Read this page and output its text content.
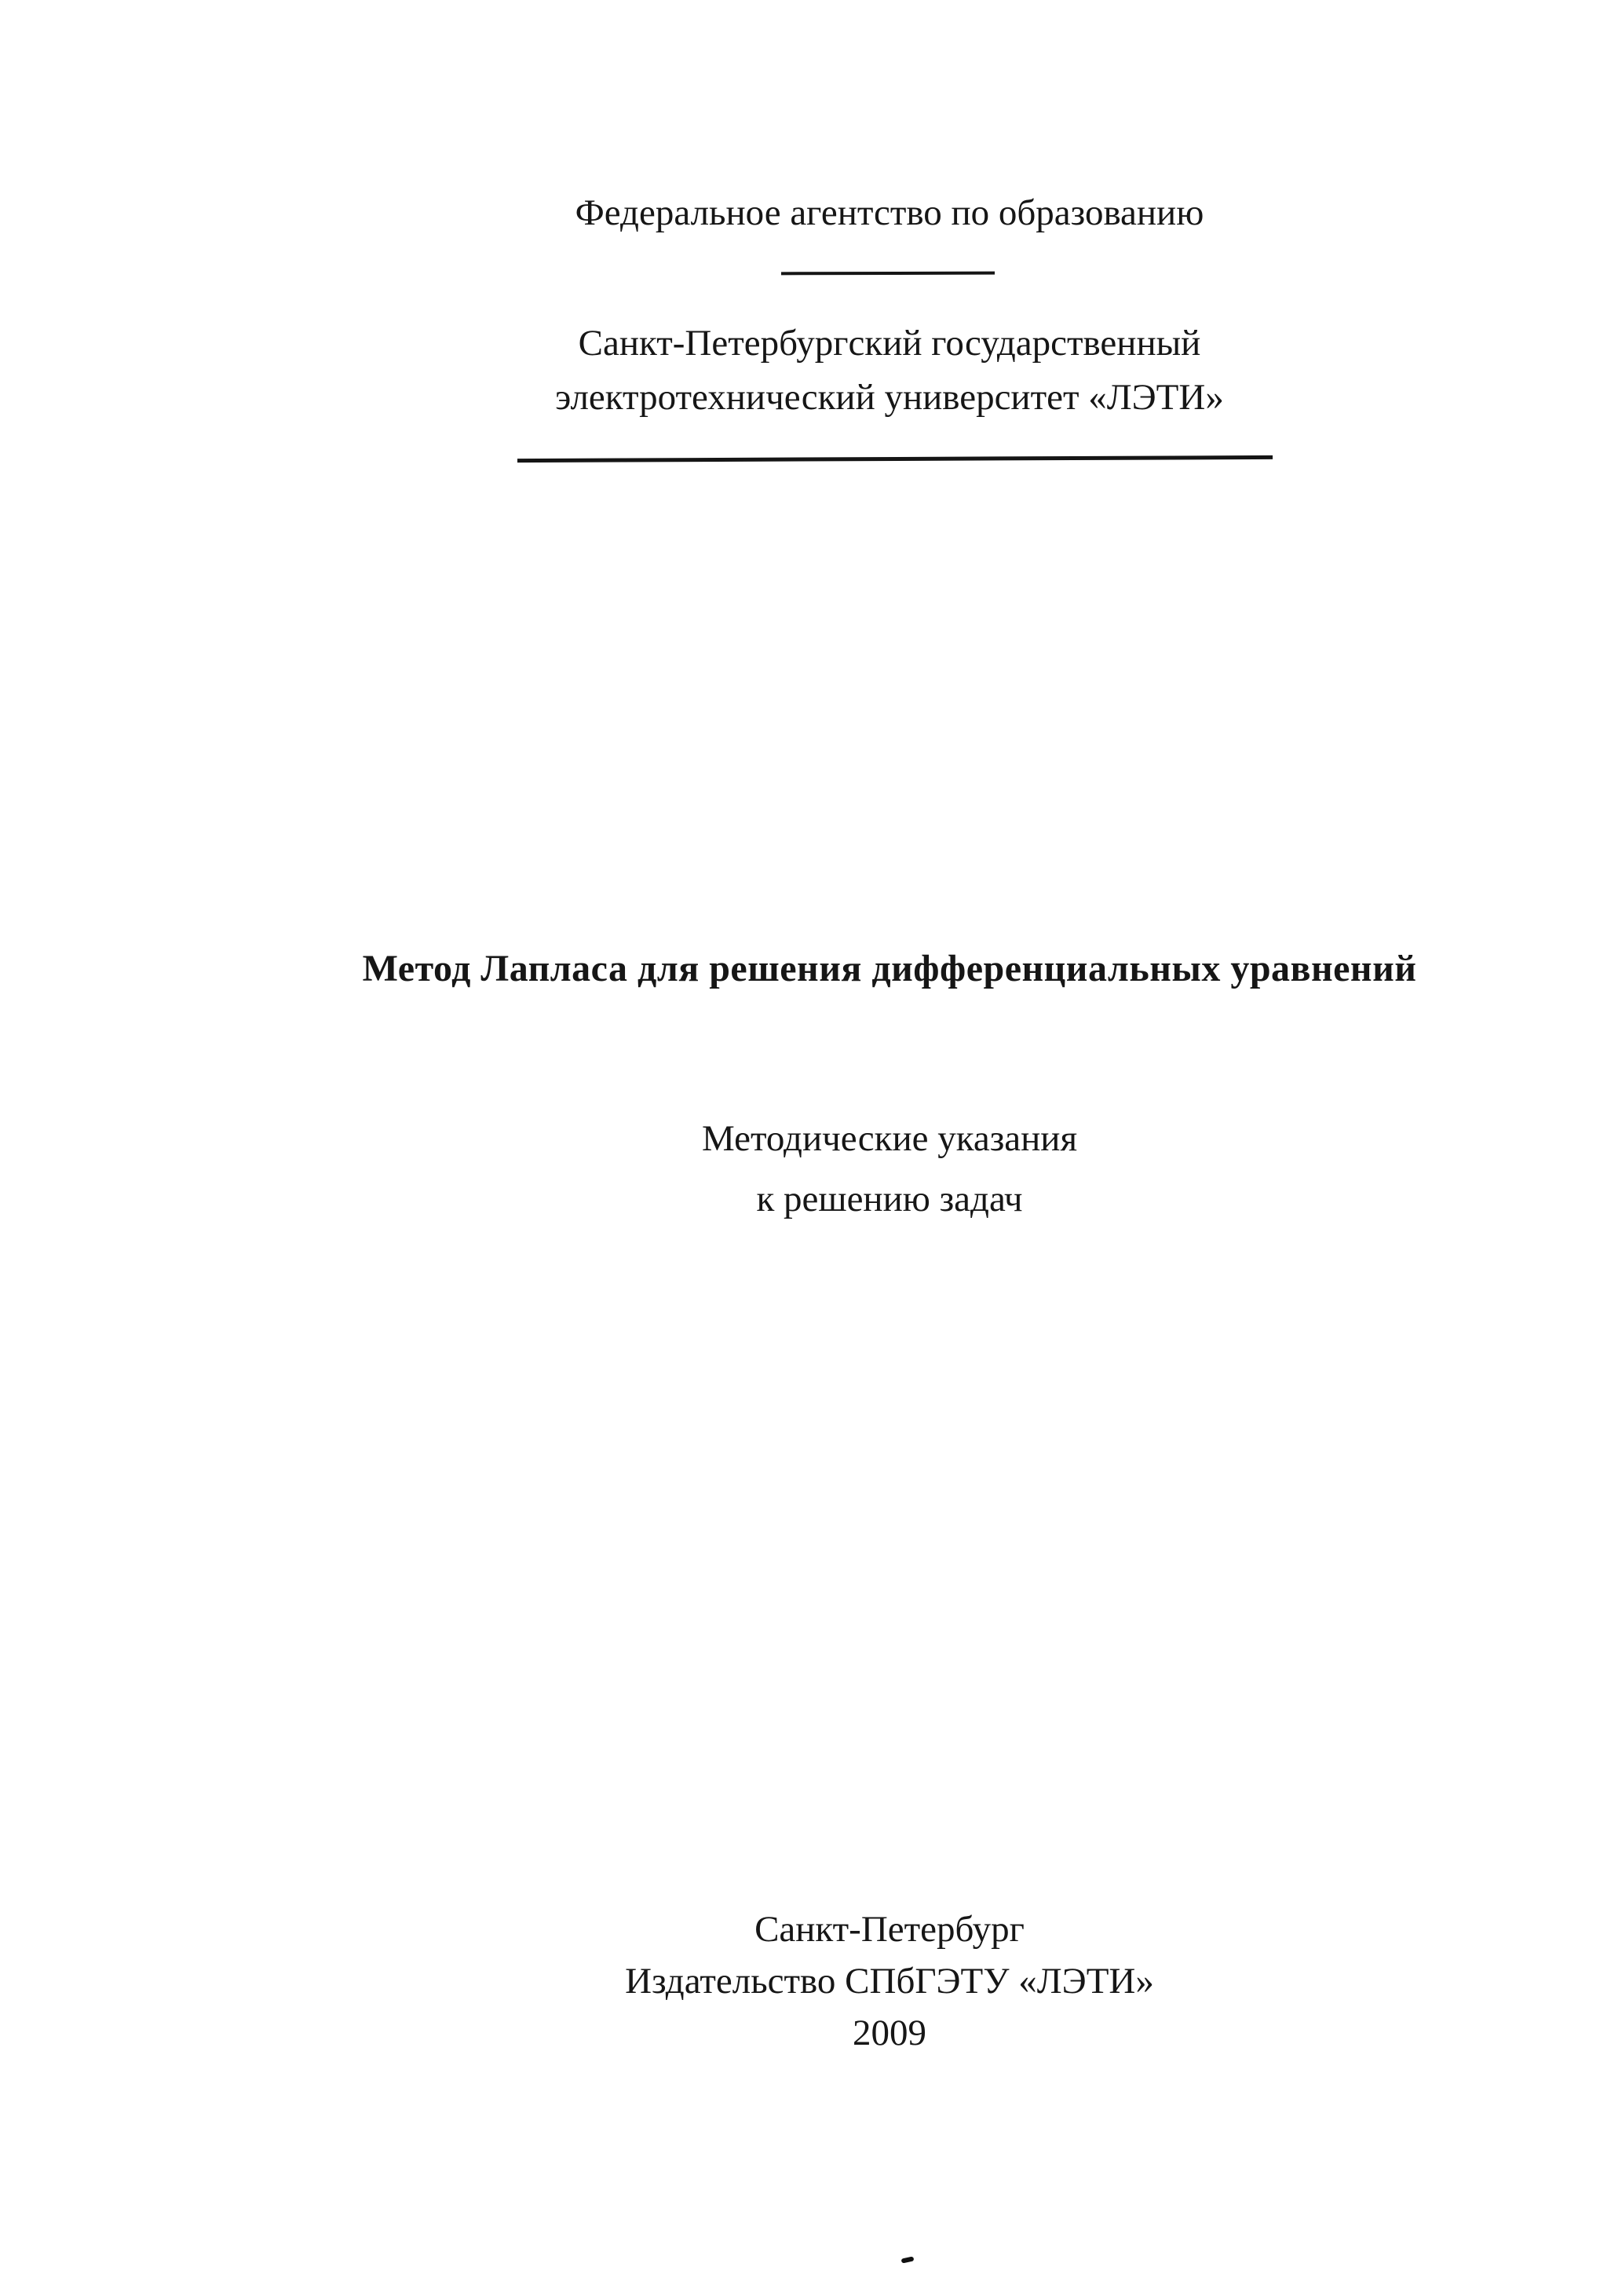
Федеральное агентство по образованию
Санкт-Петербургский государственный
электротехнический университет «ЛЭТИ»
Метод Лапласа для решения дифференциальных уравнений
Методические указания
к решению задач
Санкт-Петербург
Издательство СПбГЭТУ «ЛЭТИ»
2009
